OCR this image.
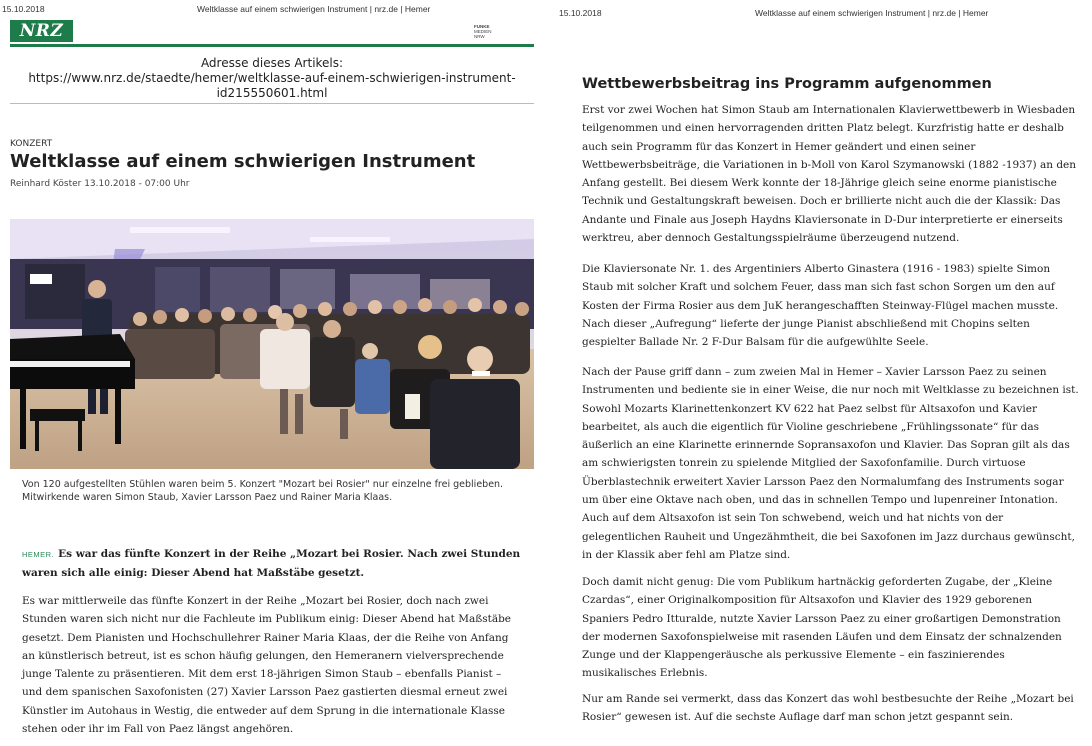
15.10.2018	Weltklasse auf einem schwierigen Instrument | nrz.de | Hemer	15.10.2018	Weltklasse auf einem schwierigen Instrument | nrz.de | Hemer
NRZ	FUNKE
MEDIEN
NRW
Adresse dieses Artikels:
https://www.nrz.de/staedte/hemer/weltklasse-auf-einem-schwierigen-instrument-
id215550601.html
KONZERT
Weltklasse auf einem schwierigen Instrument
Reinhard Köster 13.10.2018 - 07:00 Uhr
Von 120 aufgestellten Stühlen waren beim 5. Konzert "Mozart bei Rosier" nur einzelne frei geblieben. Mitwirkende waren Simon Staub, Xavier Larsson Paez und Rainer Maria Klaas.
HEMER. Es war das fünfte Konzert in der Reihe „Mozart bei Rosier. Nach zwei Stunden waren sich alle einig: Dieser Abend hat Maßstäbe gesetzt.
Es war mittlerweile das fünfte Konzert in der Reihe „Mozart bei Rosier, doch nach zwei Stunden waren sich nicht nur die Fachleute im Publikum einig: Dieser Abend hat Maßstäbe gesetzt. Dem Pianisten und Hochschullehrer Rainer Maria Klaas, der die Reihe von Anfang an künstlerisch betreut, ist es schon häufig gelungen, den Hemeranern vielversprechende junge Talente zu präsentieren. Mit dem erst 18-jährigen Simon Staub – ebenfalls Pianist – und dem spanischen Saxofonisten (27) Xavier Larsson Paez gastierten diesmal erneut zwei Künstler im Autohaus in Westig, die entweder auf dem Sprung in die internationale Klasse stehen oder ihr im Fall von Paez längst angehören.
Wettbewerbsbeitrag ins Programm aufgenommen
Erst vor zwei Wochen hat Simon Staub am Internationalen Klavierwettbewerb in Wiesbaden teilgenommen und einen hervorragenden dritten Platz belegt. Kurzfristig hatte er deshalb auch sein Programm für das Konzert in Hemer geändert und einen seiner Wettbewerbsbeiträge, die Variationen in b-Moll von Karol Szymanowski (1882 -1937) an den Anfang gestellt. Bei diesem Werk konnte der 18-Jährige gleich seine enorme pianistische Technik und Gestaltungskraft beweisen. Doch er brillierte nicht auch die der Klassik: Das Andante und Finale aus Joseph Haydns Klaviersonate in D-Dur interpretierte er einerseits werktreu, aber dennoch Gestaltungsspielräume überzeugend nutzend.
Die Klaviersonate Nr. 1. des Argentiniers Alberto Ginastera (1916 - 1983) spielte Simon Staub mit solcher Kraft und solchem Feuer, dass man sich fast schon Sorgen um den auf Kosten der Firma Rosier aus dem JuK herangeschafften Steinway-Flügel machen musste. Nach dieser „Aufregung“ lieferte der junge Pianist abschließend mit Chopins selten gespielter Ballade Nr. 2 F-Dur Balsam für die aufgewühlte Seele.
Nach der Pause griff dann – zum zweien Mal in Hemer – Xavier Larsson Paez zu seinen Instrumenten und bediente sie in einer Weise, die nur noch mit Weltklasse zu bezeichnen ist. Sowohl Mozarts Klarinettenkonzert KV 622 hat Paez selbst für Altsaxofon und Kavier bearbeitet, als auch die eigentlich für Violine geschriebene „Frühlingssonate“ für das äußerlich an eine Klarinette erinnernde Sopransaxofon und Klavier. Das Sopran gilt als das am schwierigsten tonrein zu spielende Mitglied der Saxofonfamilie. Durch virtuose Überblastechnik erweitert Xavier Larsson Paez den Normalumfang des Instruments sogar um über eine Oktave nach oben, und das in schnellen Tempo und lupenreiner Intonation. Auch auf dem Altsaxofon ist sein Ton schwebend, weich und hat nichts von der gelegentlichen Rauheit und Ungezähmtheit, die bei Saxofonen im Jazz durchaus gewünscht, in der Klassik aber fehl am Platze sind.
Doch damit nicht genug: Die vom Publikum hartnäckig geforderten Zugabe, der „Kleine Czardas“, einer Originalkomposition für Altsaxofon und Klavier des 1929 geborenen Spaniers Pedro Itturalde, nutzte Xavier Larsson Paez zu einer großartigen Demonstration der modernen Saxofonspielweise mit rasenden Läufen und dem Einsatz der schnalzenden Zunge und der Klappengeräusche als perkussive Elemente – ein faszinierendes musikalisches Erlebnis.
Nur am Rande sei vermerkt, dass das Konzert das wohl bestbesuchte der Reihe „Mozart bei Rosier“ gewesen ist. Auf die sechste Auflage darf man schon jetzt gespannt sein.
